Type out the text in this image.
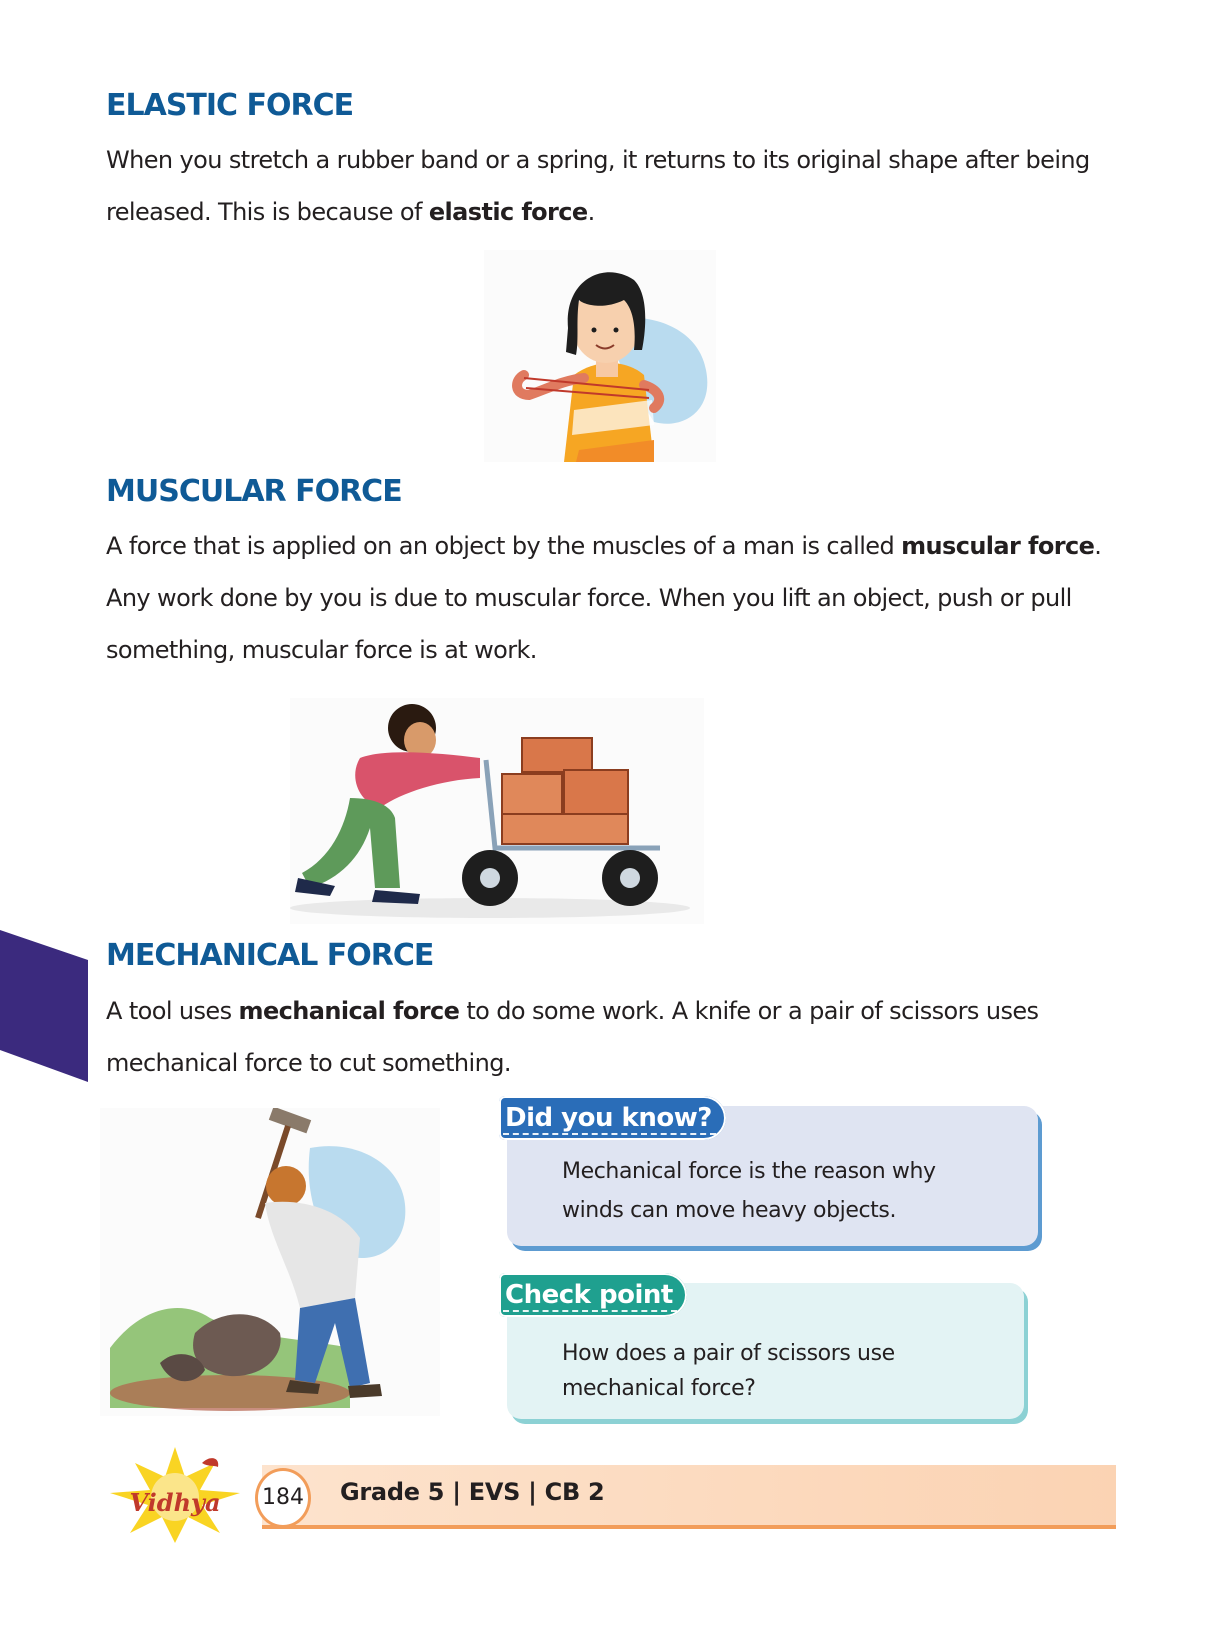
ELASTIC FORCE

When you stretch a rubber band or a spring, it returns to its original shape after being released. This is because of elastic force.

MUSCULAR FORCE

A force that is applied on an object by the muscles of a man is called muscular force. Any work done by you is due to muscular force. When you lift an object, push or pull something, muscular force is at work.

MECHANICAL FORCE

A tool uses mechanical force to do some work. A knife or a pair of scissors uses mechanical force to cut something.

Did you know?
Mechanical force is the reason why
winds can move heavy objects.
Check point
How does a pair of scissors use
mechanical force?
Vidhya	184 Grade 5 | EVS | CB 2
